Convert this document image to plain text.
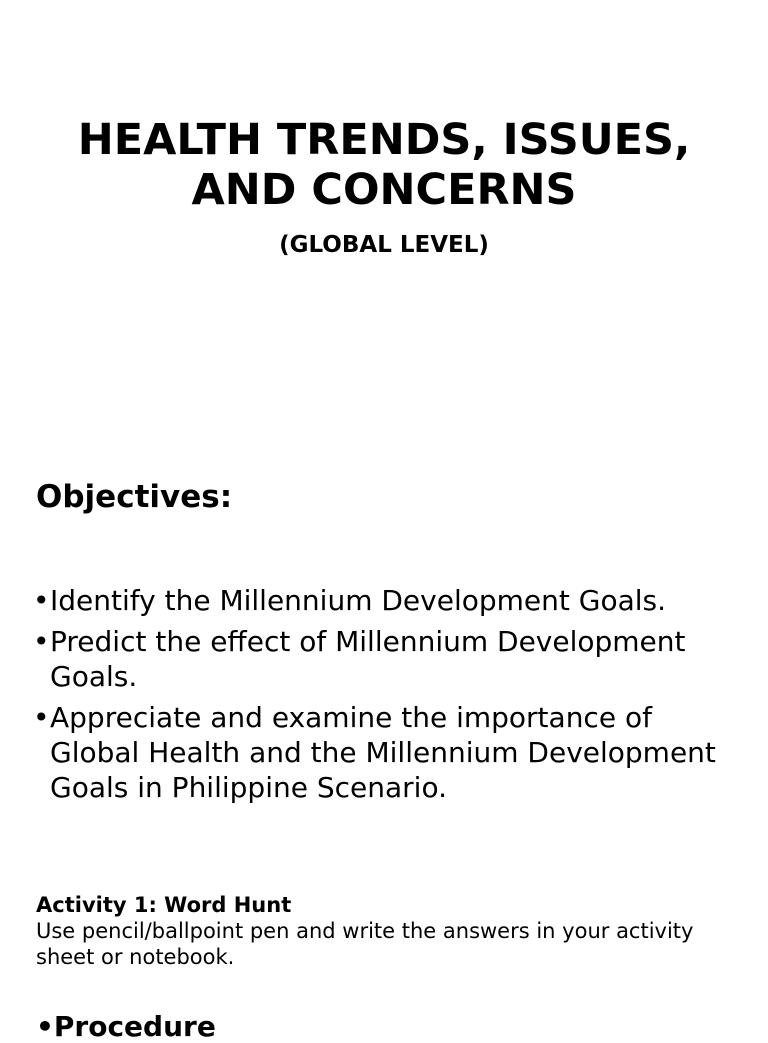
HEALTH TRENDS, ISSUES, AND CONCERNS
(GLOBAL LEVEL)
Objectives:
• Identify the Millennium Development Goals.
• Predict the effect of Millennium Development Goals.
• Appreciate and examine the importance of Global Health and the Millennium Development Goals in Philippine Scenario.

Activity 1: Word Hunt

Use pencil/ballpoint pen and write the answers in your activity sheet or notebook.

•Procedure
